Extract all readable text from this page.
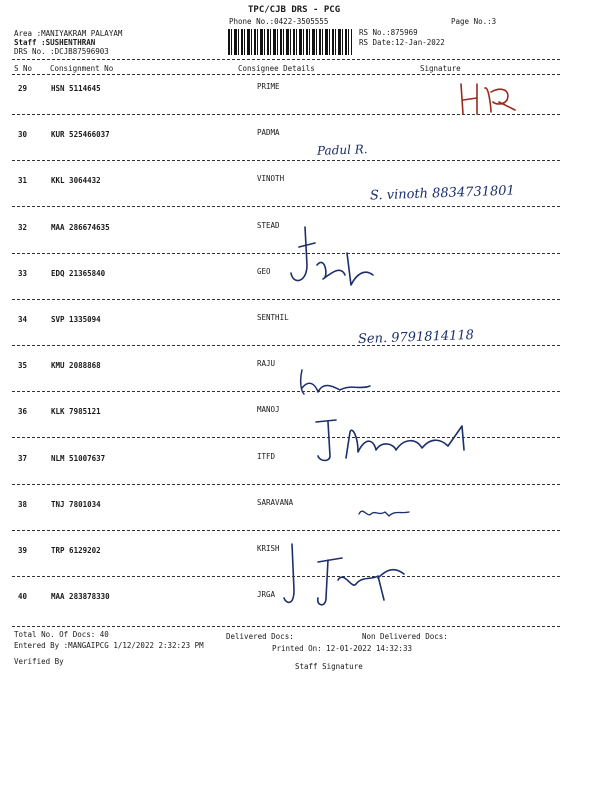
TPC/CJB DRS - PCG
Phone No.:0422-3505555	Page No.:3
Area :MANIYAKRAM PALAYAM
Staff :SUSHENTHRAN
DRS No. :DCJB87596903
RS No.:875969
RS Date:12-Jan-2022
S No Consignment No	Consignee Details	Signature
29	HSN 5114645	PRIME
30	KUR 525466037	PADMA
31	KKL 3064432	VINOTH
32	MAA 286674635	STEAD
33	EDQ 21365840	GEO
34	SVP 1335094	SENTHIL
35	KMU 2088868	RAJU
36	KLK 7985121	MANOJ
37	NLM 51007637	ITFD
38	TNJ 7801034	SARAVANA
39	TRP 6129202	KRISH
40	MAA 283878330	JRGA
Padul R.
S. vinoth 8834731801
Sen. 9791814118
Total No. Of Docs: 40	Delivered Docs:	Non Delivered Docs:
Entered By :MANGAIPCG 1/12/2022 2:32:23 PM	Printed On: 12-01-2022 14:32:33
Verified By
Staff Signature
